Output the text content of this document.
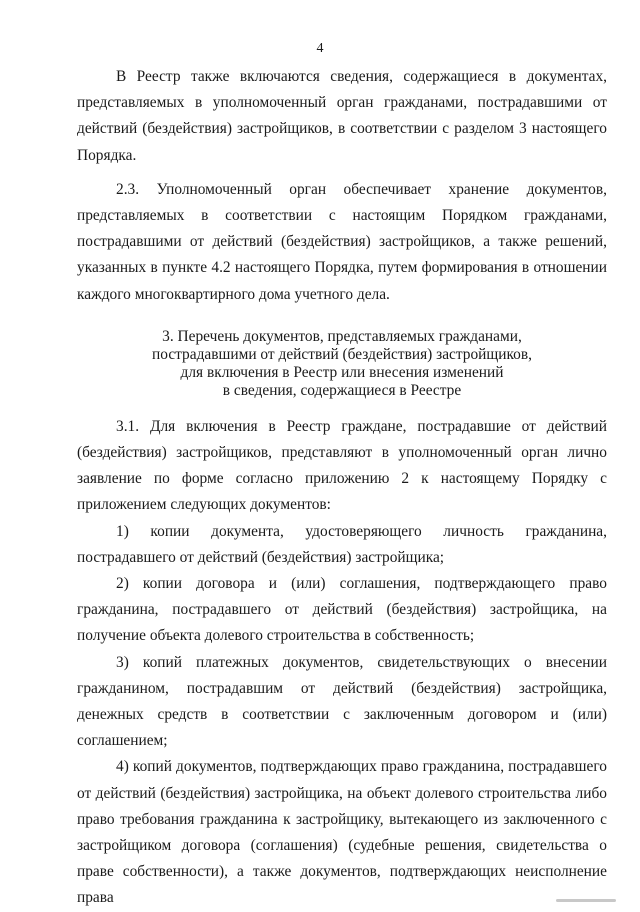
4

В Реестр также включаются сведения, содержащиеся в документах, представляемых в уполномоченный орган гражданами, пострадавшими от действий (бездействия) застройщиков, в соответствии с разделом 3 настоящего Порядка.

2.3. Уполномоченный орган обеспечивает хранение документов, представляемых в соответствии с настоящим Порядком гражданами, пострадавшими от действий (бездействия) застройщиков, а также решений, указанных в пункте 4.2 настоящего Порядка, путем формирования в отношении каждого многоквартирного дома учетного дела.

3. Перечень документов, представляемых гражданами,
пострадавшими от действий (бездействия) застройщиков,
для включения в Реестр или внесения изменений
в сведения, содержащиеся в Реестре

3.1. Для включения в Реестр граждане, пострадавшие от действий (бездействия) застройщиков, представляют в уполномоченный орган лично заявление по форме согласно приложению 2 к настоящему Порядку с приложением следующих документов:

1) копии документа, удостоверяющего личность гражданина, пострадавшего от действий (бездействия) застройщика;

2) копии договора и (или) соглашения, подтверждающего право гражданина, пострадавшего от действий (бездействия) застройщика, на получение объекта долевого строительства в собственность;

3) копий платежных документов, свидетельствующих о внесении гражданином, пострадавшим от действий (бездействия) застройщика, денежных средств в соответствии с заключенным договором и (или) соглашением;

4) копий документов, подтверждающих право гражданина, пострадавшего от действий (бездействия) застройщика, на объект долевого строительства либо право требования гражданина к застройщику, вытекающего из заключенного с застройщиком договора (соглашения) (судебные решения, свидетельства о праве собственности), а также документов, подтверждающих неисполнение права
